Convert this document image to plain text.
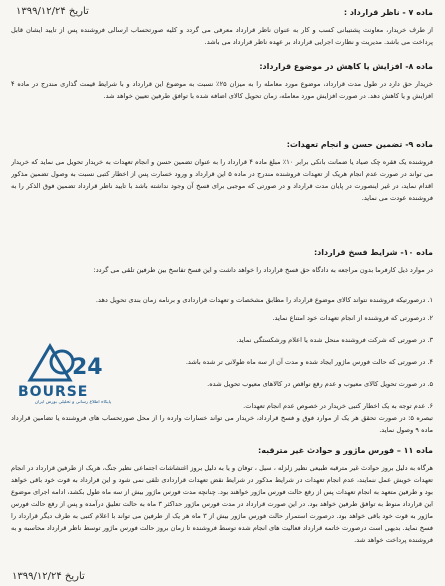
تاریخ ۱۳۹۹/۱۲/۲۴	ماده ۷ - ناظر قرارداد :

از طرف خریدار، معاونت پشتیبانی کسب و کار به عنوان ناظر قرارداد معرفی می گردد و کلیه صورتحساب ارسالی فروشنده پس از تایید ایشان قابل پرداخت می باشد. مدیریت و نظارت اجرایی قرارداد بر عهده ناظر قرارداد می باشد.

ماده ۸- افزایش یا کاهش در موضوع قرارداد:

خریدار حق دارد در طول مدت قرارداد، موضوع مورد معامله را به میزان ۲۵٪ نسبت به موضوع این قرارداد و با شرایط قیمت گذاری مندرج در ماده ۴ افزایش و یا کاهش دهد. در صورت افزایش مورد معامله، زمان تحویل کالای اضافه شده با توافق طرفین تعیین خواهد شد.

ماده ۹- تضمین حسن و انجام تعهدات:

فروشنده یک فقره چک صیاد یا ضمانت بانکی برابر ۱۰٪ مبلغ ماده ۴ قرارداد را به عنوان تضمین حسن و انجام تعهدات به خریدار تحویل می نماید که خریدار می تواند در صورت عدم انجام هریک از تعهدات فروشنده مندرج در ماده ۵ این قرارداد و ورود خسارت پس از اخطار کتبی نسبت به وصول تضمین مذکور اقدام نماید، در غیر اینصورت در پایان مدت قرارداد و در صورتی که موجبی برای فسخ آن وجود نداشته باشد با تایید ناظر قرارداد تضمین فوق الذکر را به فروشنده عودت می نماید.

ماده ۱۰- شرایط فسخ قرارداد:

در موارد ذیل کارفرما بدون مراجعه به دادگاه حق فسخ قرارداد را خواهد داشت و این فسخ تفاسخ بین طرفین تلقی می گردد:

۱. درصورتیکه فروشنده نتواند کالای موضوع قرارداد را مطابق مشخصات و تعهدات قراردادی و برنامه زمان بندی تحویل دهد.
۲. درصورتی که فروشنده از انجام تعهدات خود امتناع نماید.
۳. در صورتی که شرکت فروشنده منحل شده یا اعلام ورشکستگی نماید.
۴. در صورتی که حالت فورس ماژور ایجاد شده و مدت آن از سه ماه طولانی تر شده باشد.
۵. در صورت تحویل کالای معیوب و عدم رفع نواقص در کالاهای معیوب تحویل شده.
۶. عدم توجه به یک اخطار کتبی خریدار در خصوص عدم انجام تعهدات.

تبصره ۵: در صورت تحقق هر یک از موارد فوق و فسخ قرارداد، خریدار می تواند خسارات وارده را از محل صورتحساب های فروشنده یا تضامین قرارداد ماده ۹ وصول نماید.

ماده ۱۱ – فورس ماژور و حوادث غیر مترقبه:

هرگاه به دلیل بروز حوادث غیر مترقبه طبیعی نظیر زلزله ، سیل ، توفان و یا به دلیل بروز اغتشاشات اجتماعی نظیر جنگ، هریک از طرفین قرارداد در انجام تعهدات خویش عمل ننمایند، عدم انجام تعهدات در شرایط مذکور در شرایط نقض تعهدات قراردادی تلقی نمی شود و این قرارداد به قوت خود باقی خواهد بود و طرفین متعهد به انجام تعهدات پس از رفع حالت فورس ماژور خواهند بود. چنانچه مدت فورس ماژور بیش از سه ماه طول بکشد، ادامه اجرای موضوع این قرارداد منوط به توافق طرفین خواهد بود. در این صورت قرارداد در مدت فورس ماژور حداکثر ۳ ماه به حالت تعلیق درآمده و پس از رفع حالت فورس ماژور به قوت خود باقی خواهد بود. درصورت استمرار حالت فورس ماژور بیش از ۳ ماه هر یک از طرفین می تواند با اعلام کتبی به طرف دیگر قرارداد را فسخ نماید. بدیهی است درصورت خاتمه قرارداد فعالیت های انجام شده توسط فروشنده تا زمان بروز حالت فورس ماژور توسط ناظر قرارداد محاسبه و به فروشنده پرداخت خواهد شد.

24
BOURSE
پایگاه اطلاع رسانی و تحلیلی بورس ایران
تاریخ ۱۳۹۹/۱۲/۲۴
